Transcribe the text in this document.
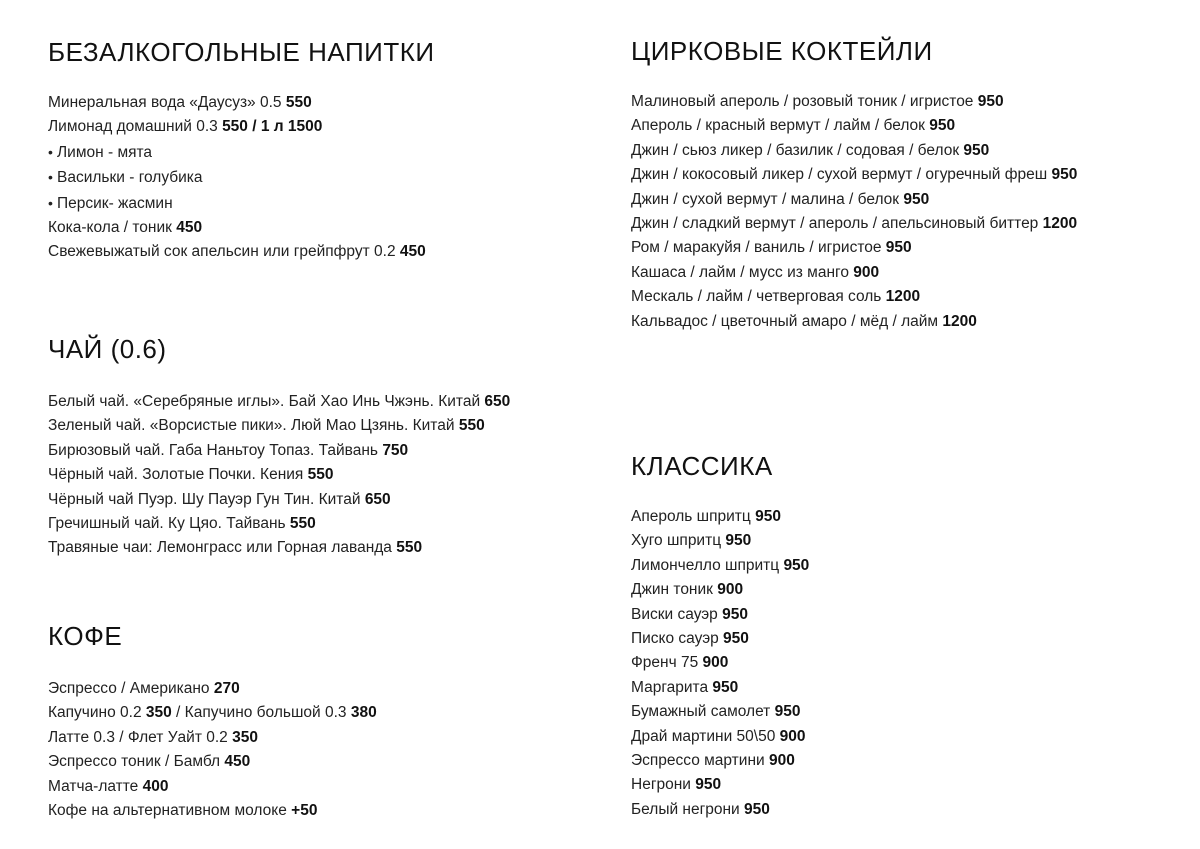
БЕЗАЛКОГОЛЬНЫЕ НАПИТКИ
Минеральная вода «Даусуз» 0.5 550
Лимонад домашний 0.3 550 / 1 л 1500
• Лимон - мята
• Васильки - голубика
• Персик- жасмин
Кока-кола / тоник 450
Свежевыжатый сок апельсин или грейпфрут 0.2 450
ЧАЙ (0.6)
Белый чай. «Серебряные иглы». Бай Хао Инь Чжэнь. Китай 650
Зеленый чай. «Ворсистые пики». Люй Мао Цзянь. Китай 550
Бирюзовый чай. Габа Наньтоу Топаз. Тайвань 750
Чёрный чай. Золотые Почки. Кения 550
Чёрный чай Пуэр. Шу Пауэр Гун Тин. Китай 650
Гречишный чай. Ку Цяо. Тайвань 550
Травяные чаи: Лемонграсс или Горная лаванда 550
КОФЕ
Эспрессо / Американо 270
Капучино 0.2 350 / Капучино большой 0.3 380
Латте 0.3 / Флет Уайт 0.2 350
Эспрессо тоник / Бамбл 450
Матча-латте 400
Кофе на альтернативном молоке +50
ЦИРКОВЫЕ КОКТЕЙЛИ
Малиновый апероль / розовый тоник / игристое 950
Апероль / красный вермут / лайм / белок 950
Джин / сьюз ликер / базилик / содовая / белок 950
Джин / кокосовый ликер / сухой вермут / огуречный фреш 950
Джин / сухой вермут / малина / белок 950
Джин / сладкий вермут / апероль / апельсиновый биттер 1200
Ром / маракуйя / ваниль / игристое 950
Кашаса / лайм / мусс из манго 900
Мескаль / лайм / четверговая соль 1200
Кальвадос / цветочный амаро / мёд / лайм 1200
КЛАССИКА
Апероль шпритц 950
Хуго шпритц 950
Лимончелло шпритц 950
Джин тоник 900
Виски сауэр 950
Писко сауэр 950
Френч 75 900
Маргарита 950
Бумажный самолет 950
Драй мартини 50\50 900
Эспрессо мартини 900
Негрони 950
Белый негрони 950
